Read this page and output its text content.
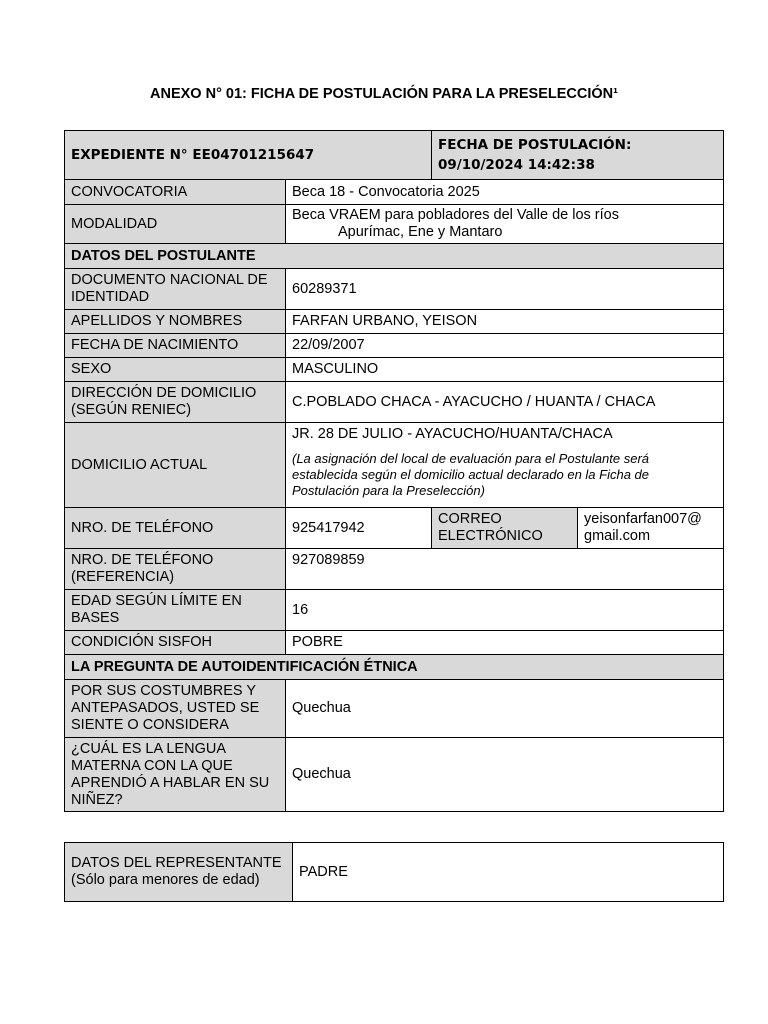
ANEXO N° 01: FICHA DE POSTULACIÓN PARA LA PRESELECCIÓN¹
EXPEDIENTE N° EE04701215647		FECHA DE POSTULACIÓN:
09/10/2024 14:42:38	

CONVOCATORIA	Beca 18 - Convocatoria 2025		
MODALIDAD	Beca VRAEM para pobladores del Valle de los ríos
Apurímac, Ene y Mantaro		

DATOS DEL POSTULANTE			
DOCUMENTO NACIONAL DE IDENTIDAD	60289371		
APELLIDOS Y NOMBRES	FARFAN URBANO, YEISON		
FECHA DE NACIMIENTO	22/09/2007		
SEXO	MASCULINO		
DIRECCIÓN DE DOMICILIO (SEGÚN RENIEC)	C.POBLADO CHACA - AYACUCHO / HUANTA / CHACA		
DOMICILIO ACTUAL	JR. 28 DE JULIO - AYACUCHO/HUANTA/CHACA
(La asignación del local de evaluación para el Postulante será establecida según el domicilio actual declarado en la Ficha de Postulación para la Preselección)		

NRO. DE TELÉFONO	925417942	CORREO ELECTRÓNICO	yeisonfarfan007@ gmail.com
NRO. DE TELÉFONO (REFERENCIA)	927089859		
EDAD SEGÚN LÍMITE EN BASES	16		
CONDICIÓN SISFOH	POBRE		
LA PREGUNTA DE AUTOIDENTIFICACIÓN ÉTNICA			
POR SUS COSTUMBRES Y ANTEPASADOS, USTED SE SIENTE O CONSIDERA	Quechua		
¿CUÁL ES LA LENGUA MATERNA CON LA QUE APRENDIÓ A HABLAR EN SU NIÑEZ?	Quechua		
DATOS DEL REPRESENTANTE (Sólo para menores de edad)	PADRE
